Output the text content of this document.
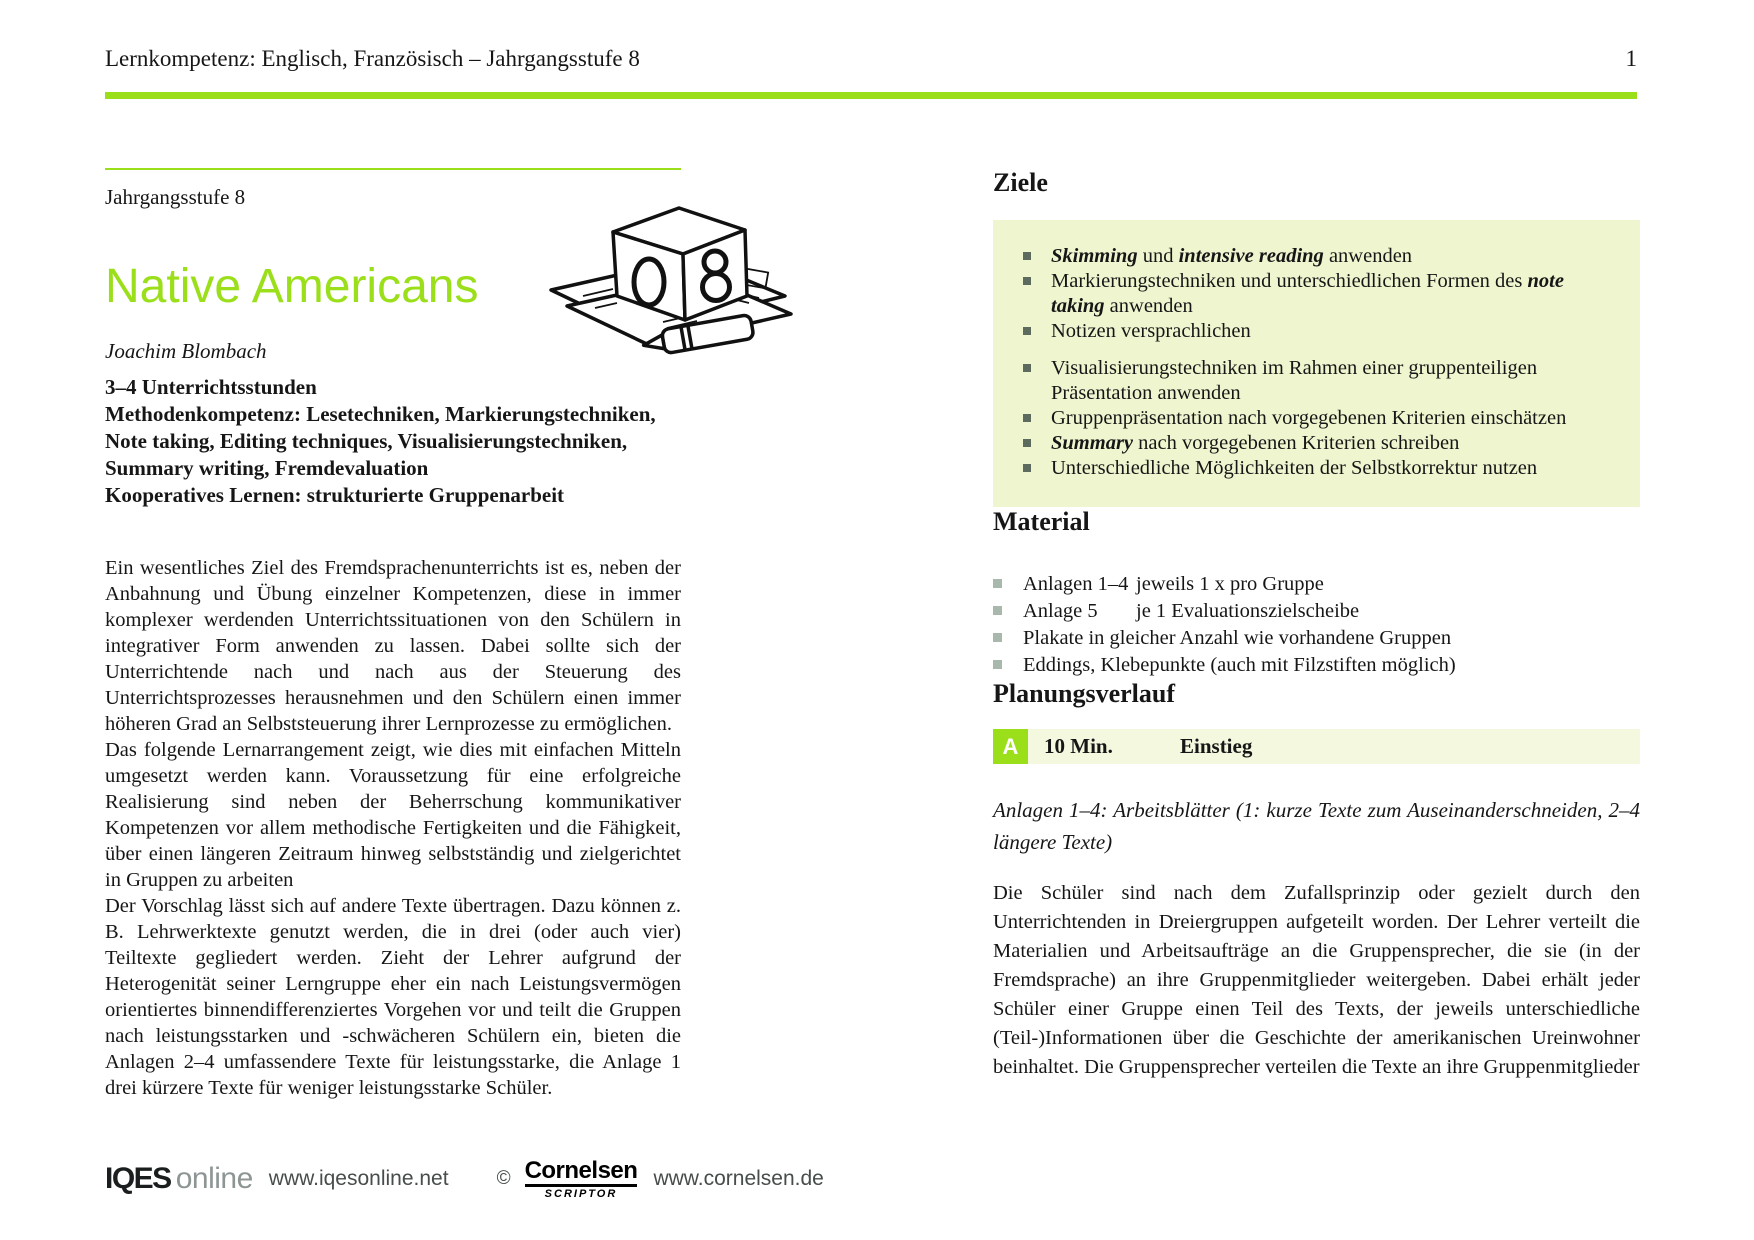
Lernkompetenz: Englisch, Französisch – Jahrgangsstufe 8	1
Jahrgangsstufe 8
Native Americans
Joachim Blombach

3–4 Unterrichtsstunden

Methodenkompetenz: Lesetechniken, Markierungstechniken, Note taking, Editing techniques, Visualisierungstechniken, Summary writing, Fremdevaluation

Kooperatives Lernen: strukturierte Gruppenarbeit

Ein wesentliches Ziel des Fremdsprachenunterrichts ist es, neben der Anbahnung und Übung einzelner Kompetenzen, diese in immer komplexer werdenden Unterrichtssituationen von den Schülern in integrativer Form anwenden zu lassen. Dabei sollte sich der Unterrichtende nach und nach aus der Steuerung des Unterrichtsprozesses herausnehmen und den Schülern einen immer höheren Grad an Selbststeuerung ihrer Lernprozesse zu ermöglichen.

Das folgende Lernarrangement zeigt, wie dies mit einfachen Mitteln umgesetzt werden kann. Voraussetzung für eine erfolgreiche Realisierung sind neben der Beherrschung kommunikativer Kompetenzen vor allem methodische Fertigkeiten und die Fähigkeit, über einen längeren Zeitraum hinweg selbstständig und zielgerichtet in Gruppen zu arbeiten

Der Vorschlag lässt sich auf andere Texte übertragen. Dazu können z. B. Lehrwerktexte genutzt werden, die in drei (oder auch vier) Teiltexte gegliedert werden. Zieht der Lehrer aufgrund der Heterogenität seiner Lerngruppe eher ein nach Leistungsvermögen orientiertes binnendifferenziertes Vorgehen vor und teilt die Gruppen nach leistungsstarken und -schwächeren Schülern ein, bieten die Anlagen 2–4 umfassendere Texte für leistungsstarke, die Anlage 1 drei kürzere Texte für weniger leistungsstarke Schüler.

Ziele
Skimming und intensive reading anwenden
Markierungstechniken und unterschiedlichen Formen des note taking anwenden
Notizen versprachlichen
Visualisierungstechniken im Rahmen einer gruppenteiligen Präsentation anwenden
Gruppenpräsentation nach vorgegebenen Kriterien einschätzen
Summary nach vorgegebenen Kriterien schreiben
Unterschiedliche Möglichkeiten der Selbstkorrektur nutzen
Material
Anlagen 1–4 jeweils 1 x pro Gruppe
Anlage 5 je 1 Evaluationszielscheibe
Plakate in gleicher Anzahl wie vorhandene Gruppen
Eddings, Klebepunkte (auch mit Filzstiften möglich)
Planungsverlauf
A	10 Min.	Einstieg

Anlagen 1–4: Arbeitsblätter (1: kurze Texte zum Auseinanderschneiden, 2–4 längere Texte)

Die Schüler sind nach dem Zufallsprinzip oder gezielt durch den Unterrichtenden in Dreiergruppen aufgeteilt worden. Der Lehrer verteilt die Materialien und Arbeitsaufträge an die Gruppensprecher, die sie (in der Fremdsprache) an ihre Gruppenmitglieder weitergeben. Dabei erhält jeder Schüler einer Gruppe einen Teil des Texts, der jeweils unterschiedliche (Teil-)Informationen über die Geschichte der amerikanischen Ureinwohner beinhaltet. Die Gruppensprecher verteilen die Texte an ihre Gruppenmitglieder

IQES online www.iqesonline.net	© Cornelsen
SCRIPTOR
www.cornelsen.de
